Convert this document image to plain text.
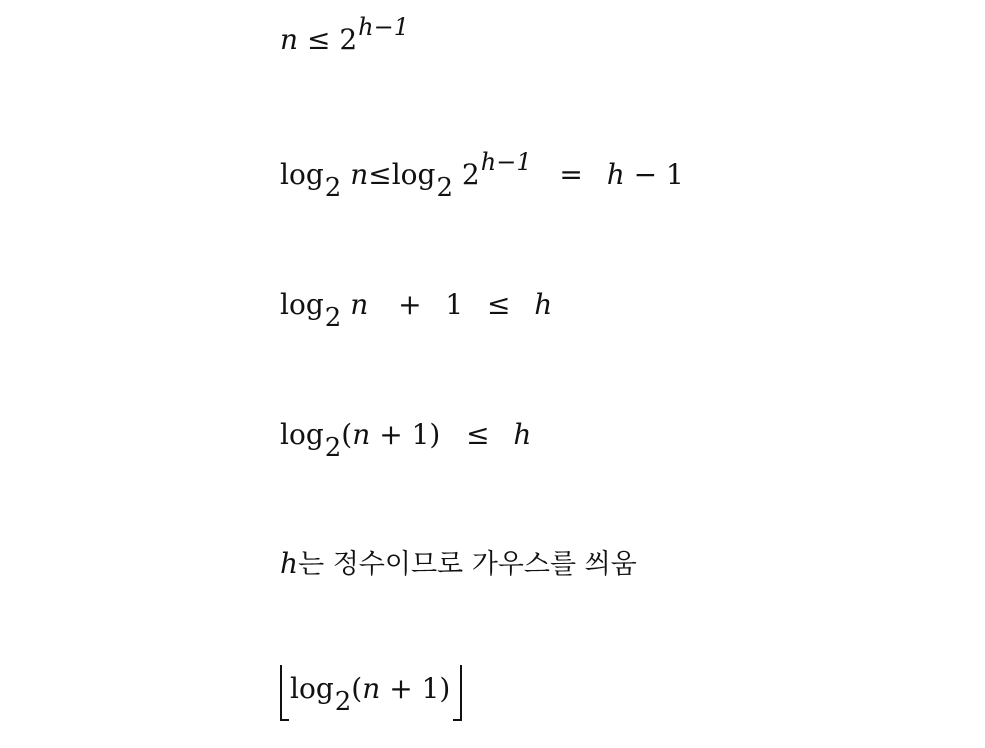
n ≤ 2h−1
log2 n≤log2 2h−1 = h − 1
log2 n + 1 ≤ h
log2(n + 1) ≤ h
h는 정수이므로 가우스를 씌움
log2(n + 1)
